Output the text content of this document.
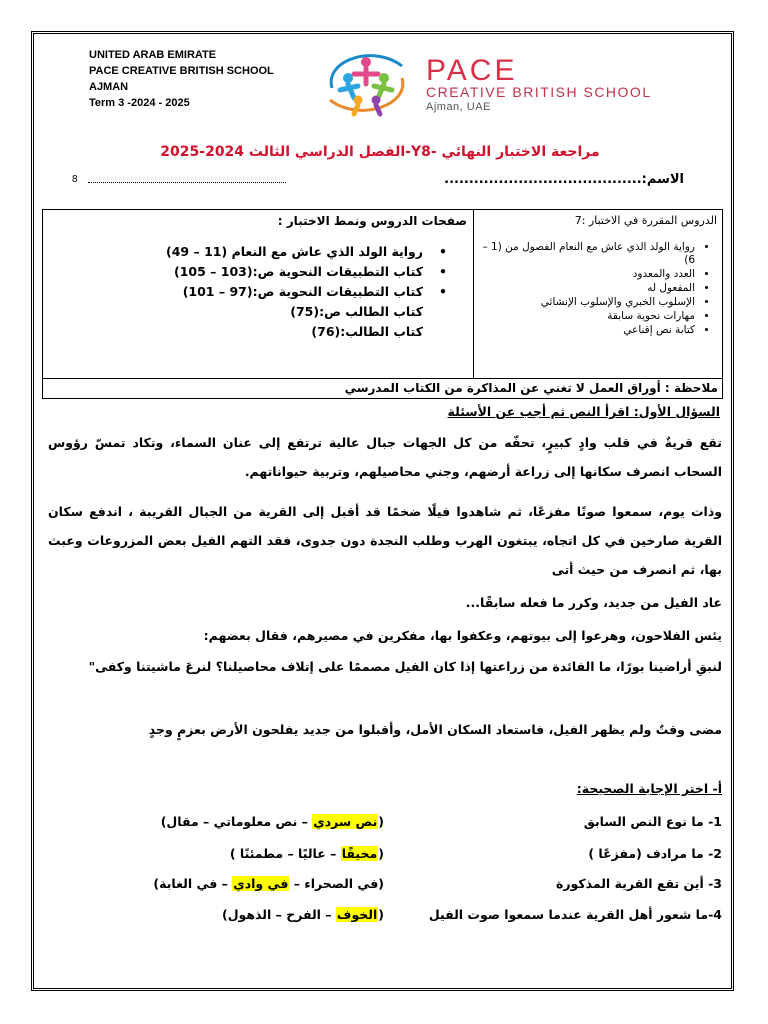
UNITED ARAB EMIRATE
PACE CREATIVE BRITISH SCHOOL
AJMAN
Term 3 -2024 - 2025
PACE
CREATIVE BRITISH SCHOOL
Ajman, UAE
مراجعة الاختبار النهائي -Y8-الفصل الدراسي الثالث 2024-2025
الاسم:........................................
8
صفحات الدروس ونمط الاختبار :
رواية الولد الذي عاش مع النعام (11 – 49) •
كتاب التطبيقات النحوية ص:(103 – 105) •
كتاب التطبيقات النحوية ص:(97 – 101) •
كتاب الطالب ص:(75)
كتاب الطالب:(76)
الدروس المقررة في الاختبار :7
• رواية الولد الذي عاش مع النعام الفصول من (1 – 6)
• العدد والمعدود
• المفعول له
• الإسلوب الخبري والإسلوب الإنشائي
• مهارات نحوية سابقة
• كتابة نص إقناعي
ملاحظة : أوراق العمل لا تغني عن المذاكرة من الكتاب المدرسي
السؤال الأول: اقرأ النص ثم أجب عن الأسئلة
تقع قريةٌ في قلب وادٍ كبيرٍ، تحفّه من كل الجهات جبال عالية ترتفع إلى عنان السماء، وتكاد تمسّ رؤوس السحاب انصرف سكانها إلى زراعة أرضهم، وجني محاصيلهم، وتربية حيواناتهم.
وذات يوم، سمعوا صوتًا مفزعًا، ثم شاهدوا فيلًا ضخمًا قد أقبل إلى القرية من الجبال القريبة ، اندفع سكان القرية صارخين في كل اتجاه، يبتغون الهرب وطلب النجدة دون جدوى، فقد التهم الفيل بعض المزروعات وعبث بها، ثم انصرف من حيث أتى
عاد الفيل من جديد، وكرر ما فعله سابقًا...
يئس الفلاحون، وهرعوا إلى بيوتهم، وعكفوا بها، مفكرين في مصيرهم، فقال بعضهم:
لنبقِ أراضينا بورًا، ما الفائدة من زراعتها إذا كان الفيل مصممًا على إتلاف محاصيلنا؟ لنرعَ ماشيتنا وكفى"
مضى وقتٌ ولم يظهر الفيل، فاستعاد السكان الأمل، وأقبلوا من جديد يفلحون الأرض بعزمٍ وجدٍ
أ- اختر الإجابة الصحيحة:
1- ما نوع النص السابق
(نص سردي – نص معلوماتي – مقال)
2- ما مرادف (مفزعًا )
(مخيفًا – عاليًا – مطمئنًا )
3- أين تقع القرية المذكورة
(في الصحراء – في وادي – في الغابة)
4-ما شعور أهل القرية عندما سمعوا صوت الفيل
(الخوف – الفرح – الذهول)
